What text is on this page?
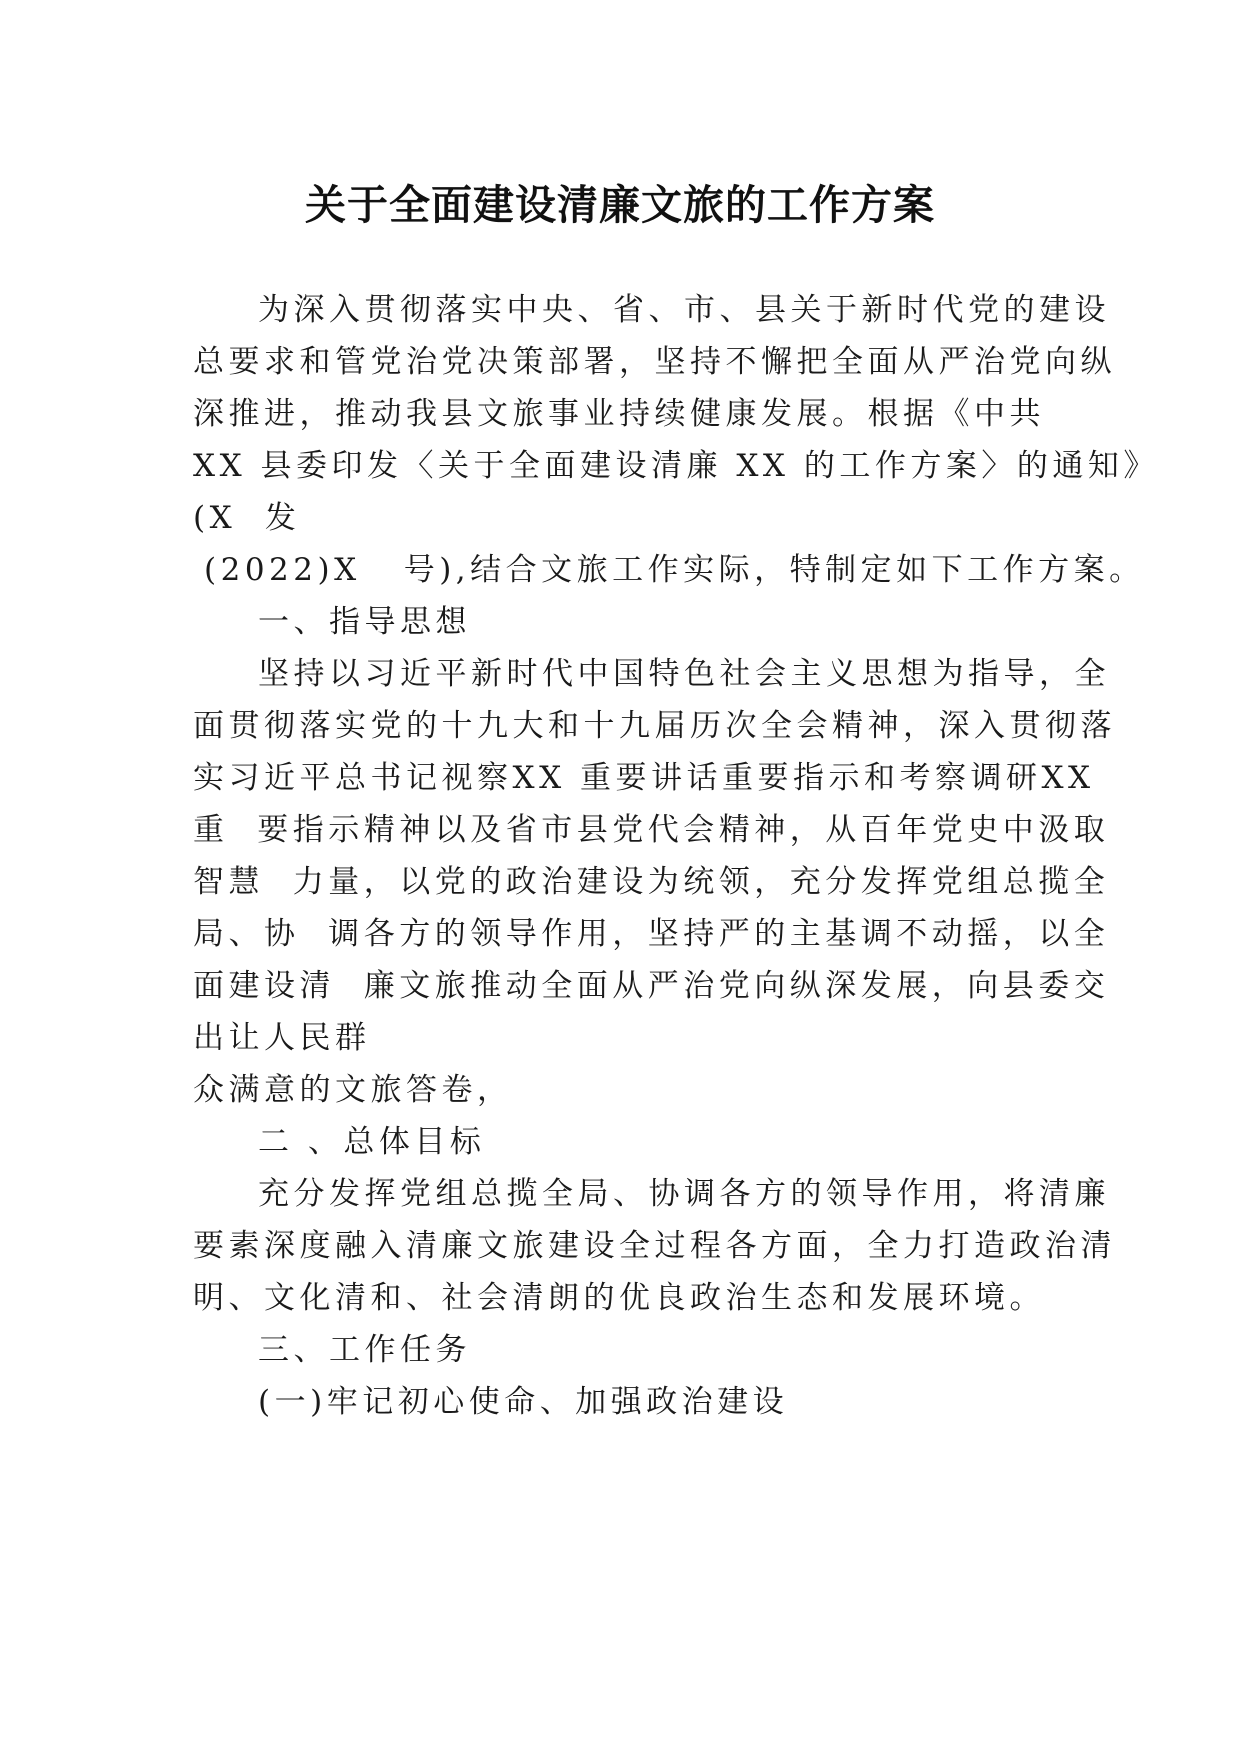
关于全面建设清廉文旅的工作方案

为深入贯彻落实中央、省、市、县关于新时代党的建设

总要求和管党治党决策部署，坚持不懈把全面从严治党向纵

深推进，推动我县文旅事业持续健康发展。根据《中共

XX 县委印发〈关于全面建设清廉 XX 的工作方案〉的通知》

(X  发

(2022)X   号),结合文旅工作实际，特制定如下工作方案。

一、指导思想

坚持以习近平新时代中国特色社会主义思想为指导，全

面贯彻落实党的十九大和十九届历次全会精神，深入贯彻落

实习近平总书记视察XX 重要讲话重要指示和考察调研XX

重  要指示精神以及省市县党代会精神，从百年党史中汲取

智慧  力量，以党的政治建设为统领，充分发挥党组总揽全

局、协  调各方的领导作用，坚持严的主基调不动摇，以全

面建设清  廉文旅推动全面从严治党向纵深发展，向县委交

出让人民群

众满意的文旅答卷，

二 、总体目标

充分发挥党组总揽全局、协调各方的领导作用，将清廉

要素深度融入清廉文旅建设全过程各方面，全力打造政治清

明、文化清和、社会清朗的优良政治生态和发展环境。

三、工作任务

(一)牢记初心使命、加强政治建设
